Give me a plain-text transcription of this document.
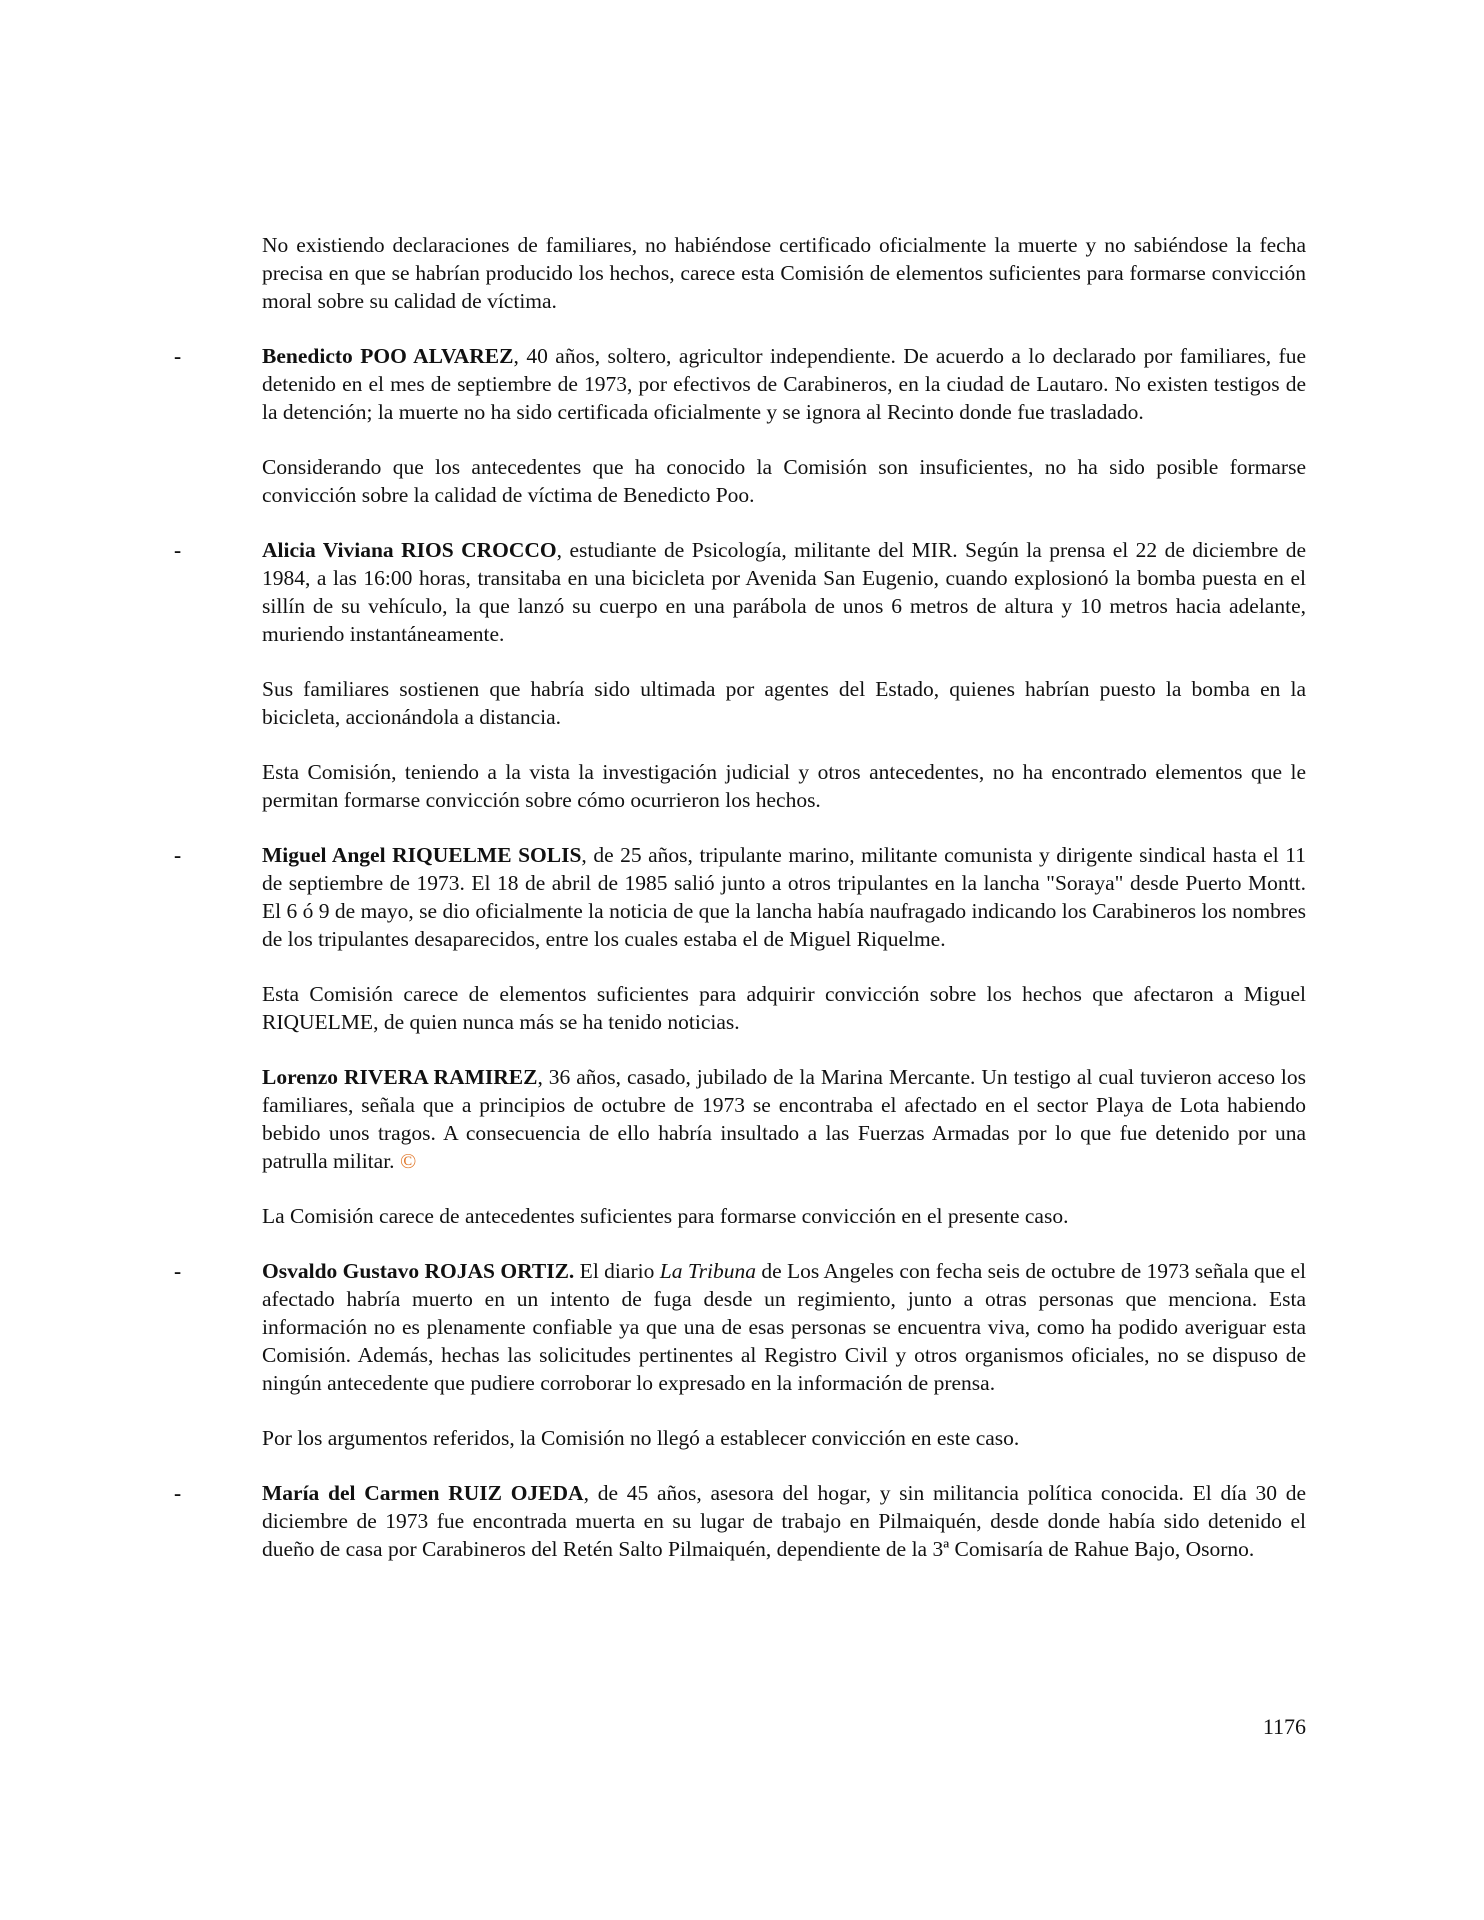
No existiendo declaraciones de familiares, no habiéndose certificado oficialmente la muerte y no sabiéndose la fecha precisa en que se habrían producido los hechos, carece esta Comisión de elementos suficientes para formarse convicción moral sobre su calidad de víctima.

-	Benedicto POO ALVAREZ, 40 años, soltero, agricultor independiente. De acuerdo a lo declarado por familiares, fue detenido en el mes de septiembre de 1973, por efectivos de Carabineros, en la ciudad de Lautaro. No existen testigos de la detención; la muerte no ha sido certificada oficialmente y se ignora al Recinto donde fue trasladado.

Considerando que los antecedentes que ha conocido la Comisión son insuficientes, no ha sido posible formarse convicción sobre la calidad de víctima de Benedicto Poo.

-	Alicia Viviana RIOS CROCCO, estudiante de Psicología, militante del MIR. Según la prensa el 22 de diciembre de 1984, a las 16:00 horas, transitaba en una bicicleta por Avenida San Eugenio, cuando explosionó la bomba puesta en el sillín de su vehículo, la que lanzó su cuerpo en una parábola de unos 6 metros de altura y 10 metros hacia adelante, muriendo instantáneamente.

Sus familiares sostienen que habría sido ultimada por agentes del Estado, quienes habrían puesto la bomba en la bicicleta, accionándola a distancia.

Esta Comisión, teniendo a la vista la investigación judicial y otros antecedentes, no ha encontrado elementos que le permitan formarse convicción sobre cómo ocurrieron los hechos.

-	Miguel Angel RIQUELME SOLIS, de 25 años, tripulante marino, militante comunista y dirigente sindical hasta el 11 de septiembre de 1973. El 18 de abril de 1985 salió junto a otros tripulantes en la lancha "Soraya" desde Puerto Montt. El 6 ó 9 de mayo, se dio oficialmente la noticia de que la lancha había naufragado indicando los Carabineros los nombres de los tripulantes desaparecidos, entre los cuales estaba el de Miguel Riquelme.

Esta Comisión carece de elementos suficientes para adquirir convicción sobre los hechos que afectaron a Miguel RIQUELME, de quien nunca más se ha tenido noticias.

Lorenzo RIVERA RAMIREZ, 36 años, casado, jubilado de la Marina Mercante. Un testigo al cual tuvieron acceso los familiares, señala que a principios de octubre de 1973 se encontraba el afectado en el sector Playa de Lota habiendo bebido unos tragos. A consecuencia de ello habría insultado a las Fuerzas Armadas por lo que fue detenido por una patrulla militar. ©

La Comisión carece de antecedentes suficientes para formarse convicción en el presente caso.

-	Osvaldo Gustavo ROJAS ORTIZ. El diario La Tribuna de Los Angeles con fecha seis de octubre de 1973 señala que el afectado habría muerto en un intento de fuga desde un regimiento, junto a otras personas que menciona. Esta información no es plenamente confiable ya que una de esas personas se encuentra viva, como ha podido averiguar esta Comisión. Además, hechas las solicitudes pertinentes al Registro Civil y otros organismos oficiales, no se dispuso de ningún antecedente que pudiere corroborar lo expresado en la información de prensa.

Por los argumentos referidos, la Comisión no llegó a establecer convicción en este caso.

-	María del Carmen RUIZ OJEDA, de 45 años, asesora del hogar, y sin militancia política conocida. El día 30 de diciembre de 1973 fue encontrada muerta en su lugar de trabajo en Pilmaiquén, desde donde había sido detenido el dueño de casa por Carabineros del Retén Salto Pilmaiquén, dependiente de la 3ª Comisaría de Rahue Bajo, Osorno.

1176
